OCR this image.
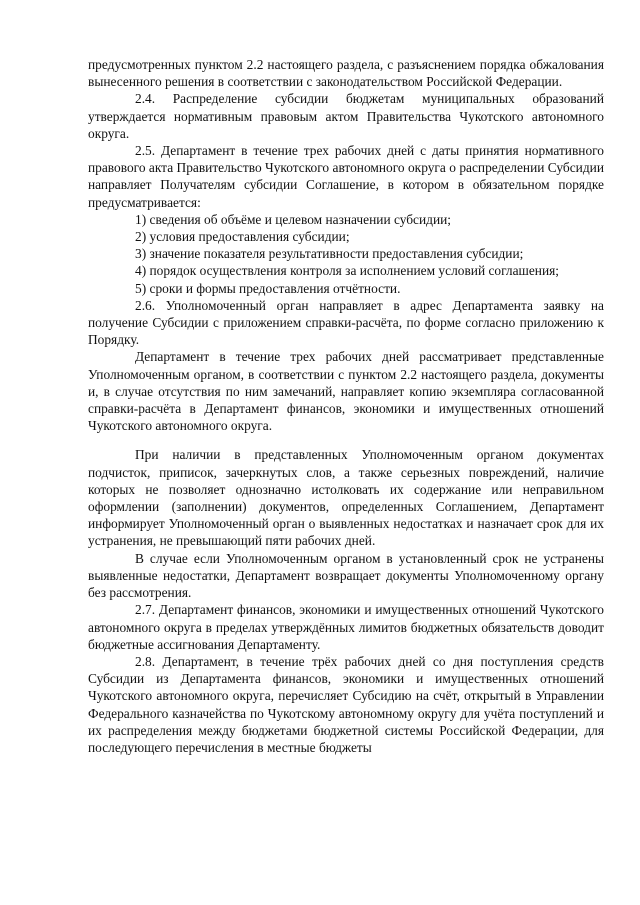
предусмотренных пунктом 2.2 настоящего раздела, с разъяснением порядка обжалования вынесенного решения в соответствии с законодательством Российской Федерации.

2.4. Распределение субсидии бюджетам муниципальных образований утверждается нормативным правовым актом Правительства Чукотского автономного округа.

2.5. Департамент в течение трех рабочих дней с даты принятия нормативного правового акта Правительство Чукотского автономного округа о распределении Субсидии направляет Получателям субсидии Соглашение, в котором в обязательном порядке предусматривается:

1) сведения об объёме и целевом назначении субсидии;

2) условия предоставления субсидии;

3) значение показателя результативности предоставления субсидии;

4) порядок осуществления контроля за исполнением условий соглашения;

5) сроки и формы предоставления отчётности.

2.6. Уполномоченный орган направляет в адрес Департамента заявку на получение Субсидии с приложением справки-расчёта, по форме согласно приложению к Порядку.

Департамент в течение трех рабочих дней рассматривает представленные Уполномоченным органом, в соответствии с пунктом 2.2 настоящего раздела, документы и, в случае отсутствия по ним замечаний, направляет копию экземпляра согласованной справки-расчёта в Департамент финансов, экономики и имущественных отношений Чукотского автономного округа.

При наличии в представленных Уполномоченным органом документах подчисток, приписок, зачеркнутых слов, а также серьезных повреждений, наличие которых не позволяет однозначно истолковать их содержание или неправильном оформлении (заполнении) документов, определенных Соглашением, Департамент информирует Уполномоченный орган о выявленных недостатках и назначает срок для их устранения, не превышающий пяти рабочих дней.

В случае если Уполномоченным органом в установленный срок не устранены выявленные недостатки, Департамент возвращает документы Уполномоченному органу без рассмотрения.

2.7. Департамент финансов, экономики и имущественных отношений Чукотского автономного округа в пределах утверждённых лимитов бюджетных обязательств доводит бюджетные ассигнования Департаменту.

2.8. Департамент, в течение трёх рабочих дней со дня поступления средств Субсидии из Департамента финансов, экономики и имущественных отношений Чукотского автономного округа, перечисляет Субсидию на счёт, открытый в Управлении Федерального казначейства по Чукотскому автономному округу для учёта поступлений и их распределения между бюджетами бюджетной системы Российской Федерации, для последующего перечисления в местные бюджеты
